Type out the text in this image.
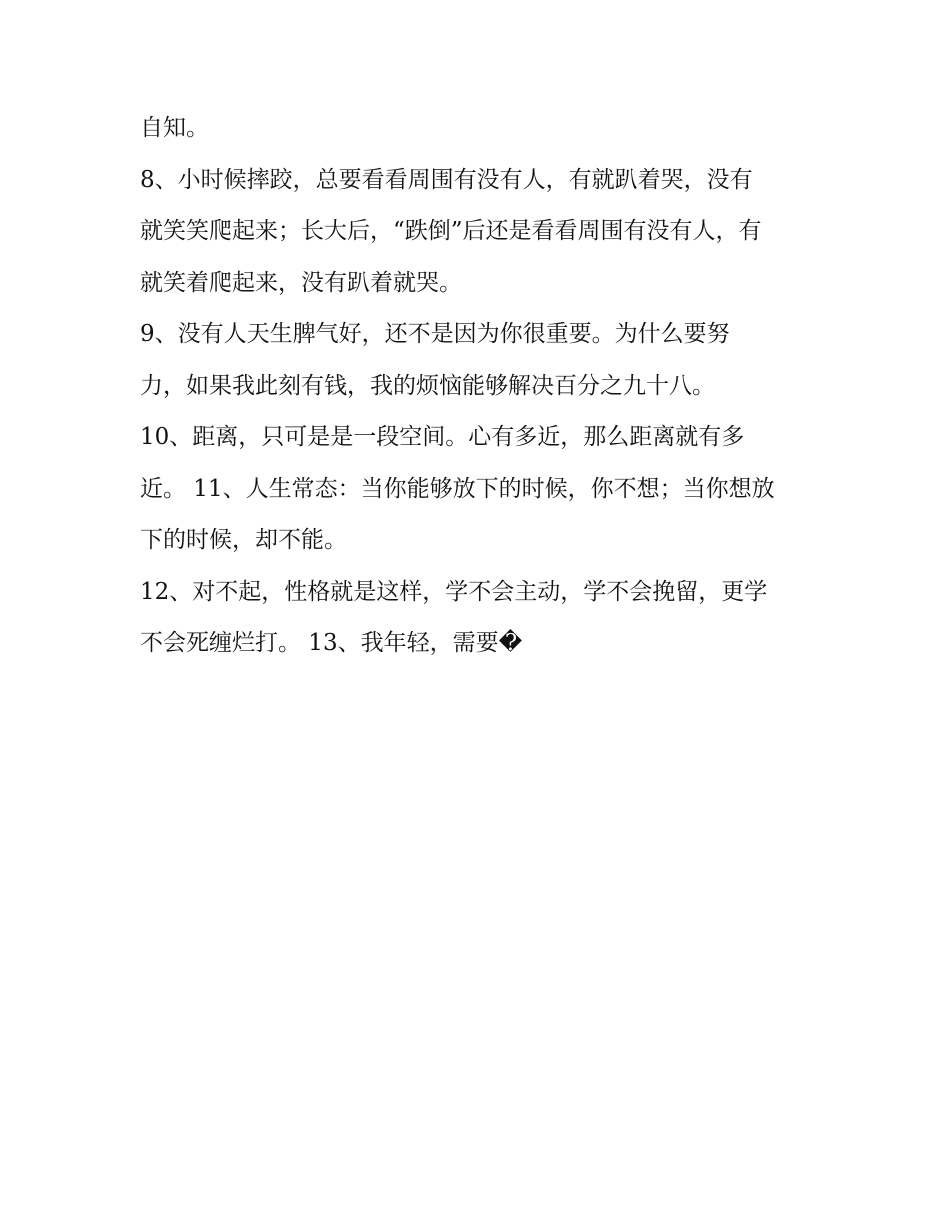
自知。
8、小时候摔跤，总要看看周围有没有人，有就趴着哭，没有
就笑笑爬起来；长大后，“跌倒”后还是看看周围有没有人，有
就笑着爬起来，没有趴着就哭。
9、没有人天生脾气好，还不是因为你很重要。为什么要努
力，如果我此刻有钱，我的烦恼能够解决百分之九十八。
10、距离，只可是是一段空间。心有多近，那么距离就有多
近。 11、人生常态：当你能够放下的时候，你不想；当你想放
下的时候，却不能。
12、对不起，性格就是这样，学不会主动，学不会挽留，更学
不会死缠烂打。 13、我年轻，需要�
